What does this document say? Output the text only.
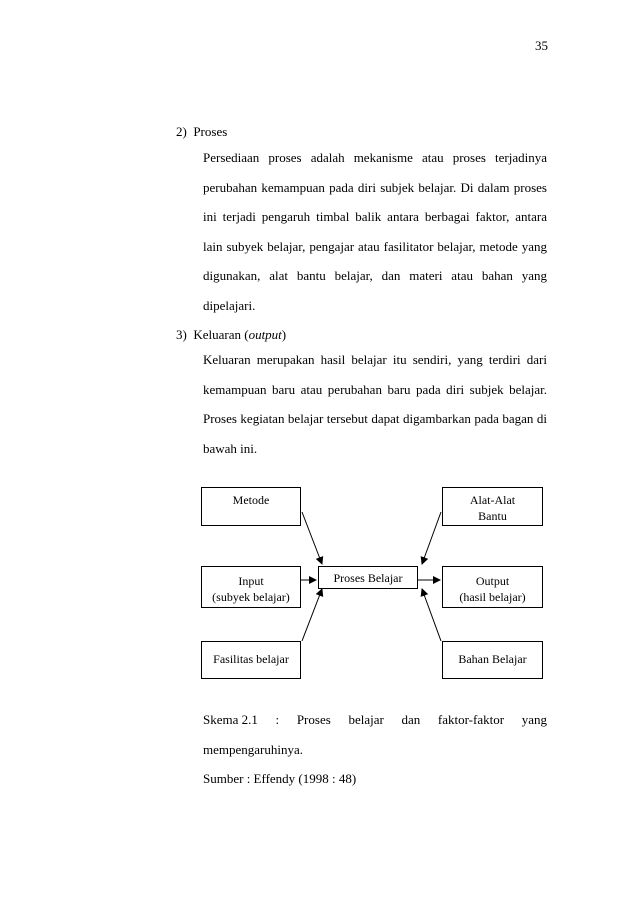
35
2)  Proses
Persediaan proses adalah mekanisme atau proses terjadinya perubahan kemampuan pada diri subjek belajar. Di dalam proses ini terjadi pengaruh timbal balik antara berbagai faktor, antara lain subyek belajar, pengajar atau fasilitator belajar, metode yang digunakan, alat bantu belajar, dan materi atau bahan yang dipelajari.
3)  Keluaran (output)
Keluaran merupakan hasil belajar itu sendiri, yang terdiri dari kemampuan baru atau perubahan baru pada diri subjek belajar. Proses kegiatan belajar tersebut dapat digambarkan pada bagan di bawah ini.
Metode	Alat-Alat
Bantu
Input
(subyek belajar)
Proses Belajar	Output
(hasil belajar)
Fasilitas belajar	Bahan Belajar
Skema 2.1 : Proses belajar dan faktor-faktor yang
mempengaruhinya.
Sumber : Effendy (1998 : 48)
